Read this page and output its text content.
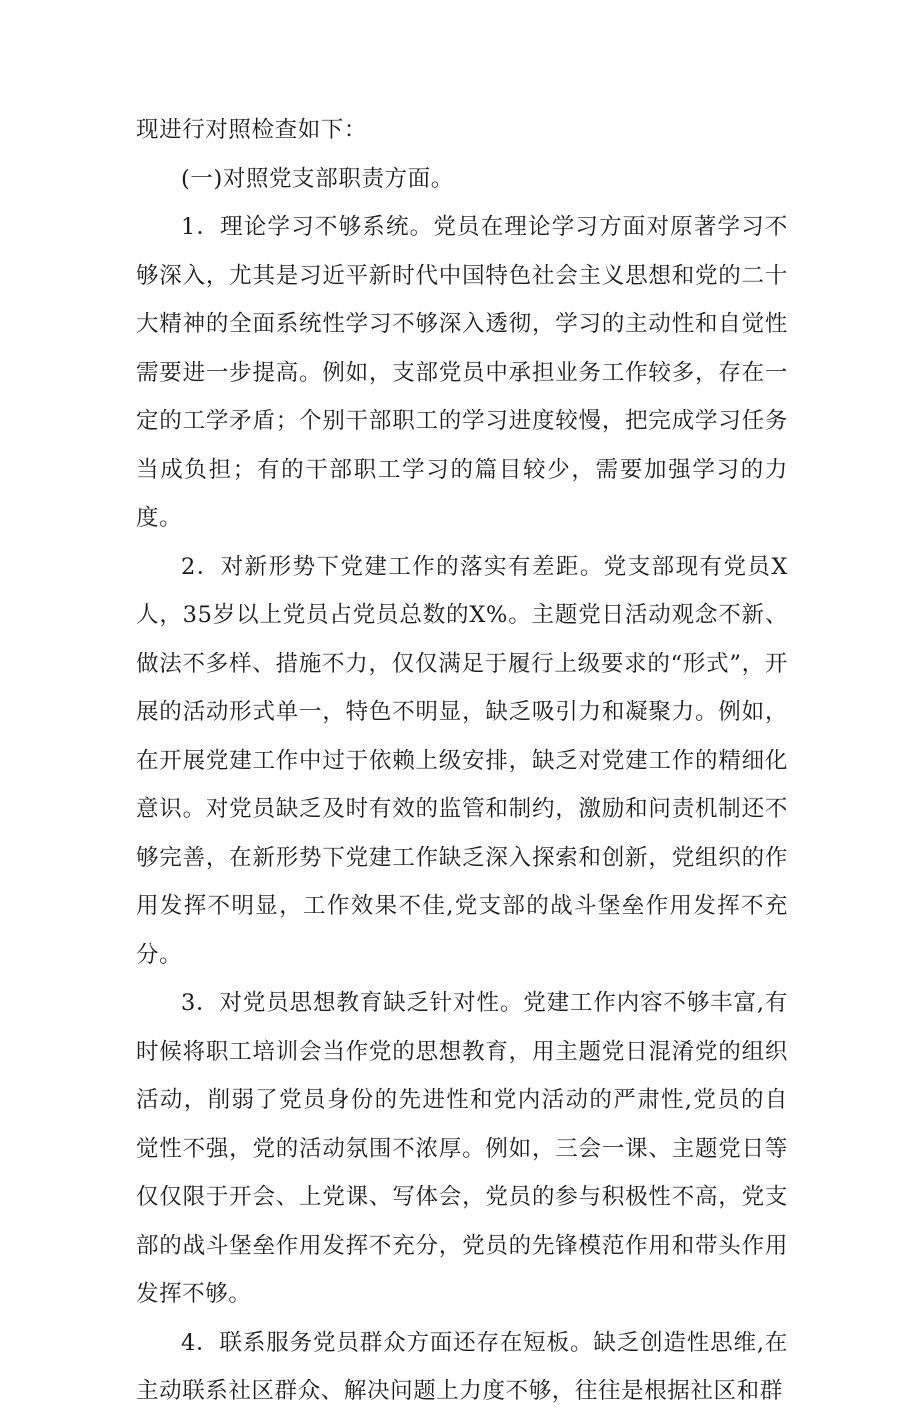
现进行对照检查如下：

(一)对照党支部职责方面。

1．理论学习不够系统。党员在理论学习方面对原著学习不够深入，尤其是习近平新时代中国特色社会主义思想和党的二十大精神的全面系统性学习不够深入透彻，学习的主动性和自觉性需要进一步提高。例如，支部党员中承担业务工作较多，存在一定的工学矛盾；个别干部职工的学习进度较慢，把完成学习任务当成负担；有的干部职工学习的篇目较少，需要加强学习的力度。

2．对新形势下党建工作的落实有差距。党支部现有党员X人，35岁以上党员占党员总数的X%。主题党日活动观念不新、做法不多样、措施不力，仅仅满足于履行上级要求的“形式”，开展的活动形式单一，特色不明显，缺乏吸引力和凝聚力。例如，在开展党建工作中过于依赖上级安排，缺乏对党建工作的精细化意识。对党员缺乏及时有效的监管和制约，激励和问责机制还不够完善，在新形势下党建工作缺乏深入探索和创新，党组织的作用发挥不明显，工作效果不佳,党支部的战斗堡垒作用发挥不充分。

3．对党员思想教育缺乏针对性。党建工作内容不够丰富,有时候将职工培训会当作党的思想教育，用主题党日混淆党的组织活动，削弱了党员身份的先进性和党内活动的严肃性,党员的自觉性不强，党的活动氛围不浓厚。例如，三会一课、主题党日等仅仅限于开会、上党课、写体会，党员的参与积极性不高，党支部的战斗堡垒作用发挥不充分，党员的先锋模范作用和带头作用发挥不够。

4．联系服务党员群众方面还存在短板。缺乏创造性思维,在主动联系社区群众、解决问题上力度不够，往往是根据社区和群
